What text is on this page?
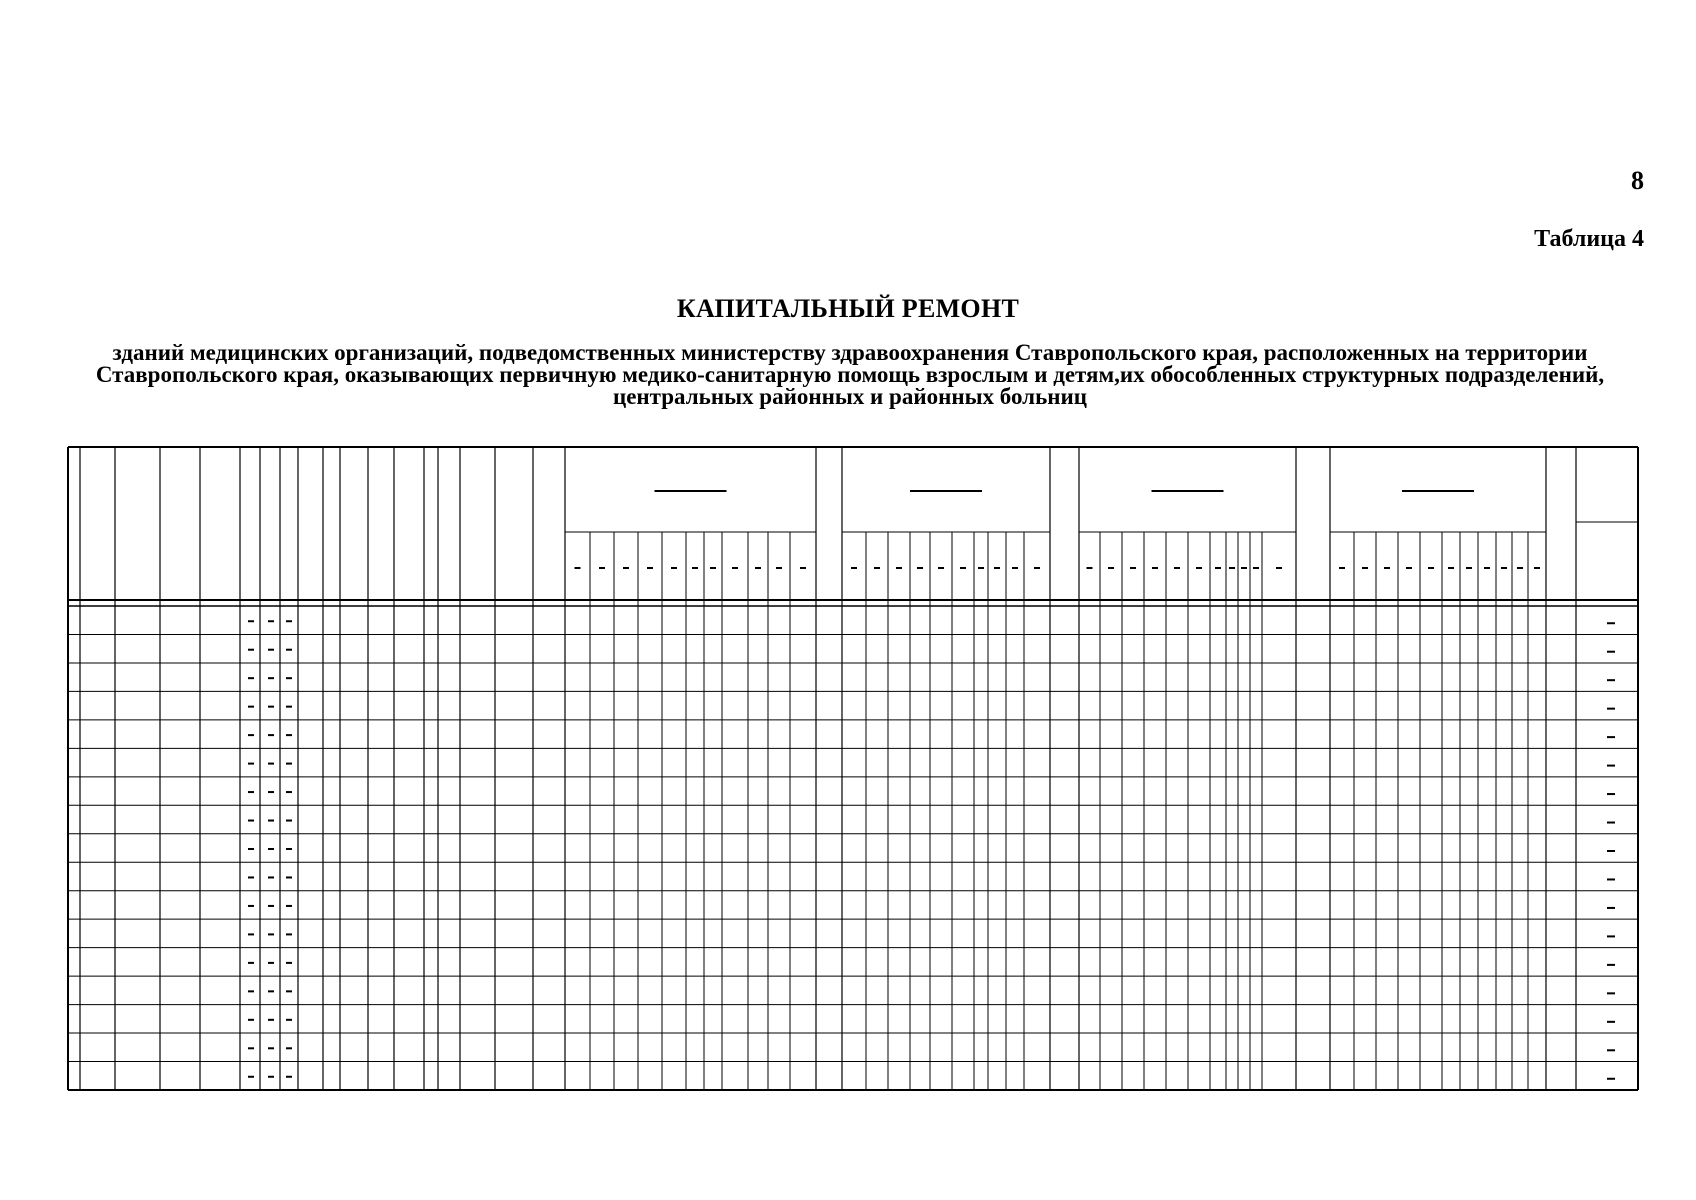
8
Таблица 4
КАПИТАЛЬНЫЙ РЕМОНТ
зданий медицинских организаций, подведомственных министерству здравоохранения Ставропольского края, расположенных на территории Ставропольского края, оказывающих первичную медико-санитарную помощь взрослым и детям,их обособленных структурных подразделений, центральных районных и районных больниц
